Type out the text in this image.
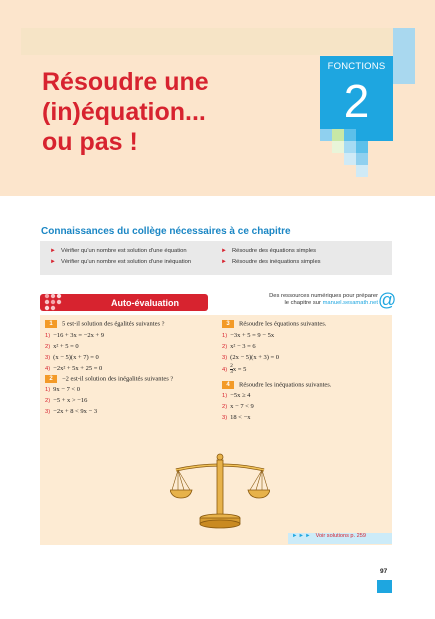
Résoudre une
(in)équation...
ou pas !
FONCTIONS
2
Connaissances du collège nécessaires à ce chapitre
► Vérifier qu'un nombre est solution d'une équation
► Vérifier qu'un nombre est solution d'une inéquation
► Résoudre des équations simples
► Résoudre des inéquations simples
Auto-évaluation
Des ressources numériques pour préparer
le chapitre sur manuel.sesamath.net @
1 5 est-il solution des égalités suivantes ?
1) −16 + 3x = −2x + 9
2) x² + 5 = 0
3) (x − 5)(x + 7) = 0
4) −2x² + 5x + 25 = 0
2 −2 est-il solution des inégalités suivantes ?
1) 9x − 7 < 0
2) −5 + x > −16
3) −2x + 8 < 9x − 3
3 Résoudre les équations suivantes.
1) −3x + 5 = 9 − 5x
2) x² − 3 = 6
3) (2x − 5)(x + 3) = 0
$4) \frac{2}{3}$ x = 5
4 Résoudre les inéquations suivantes.
1) −5x ≥ 4
2) x − 7 < 9
3) 18 < −x
►►► Voir solutions p. 259
97
